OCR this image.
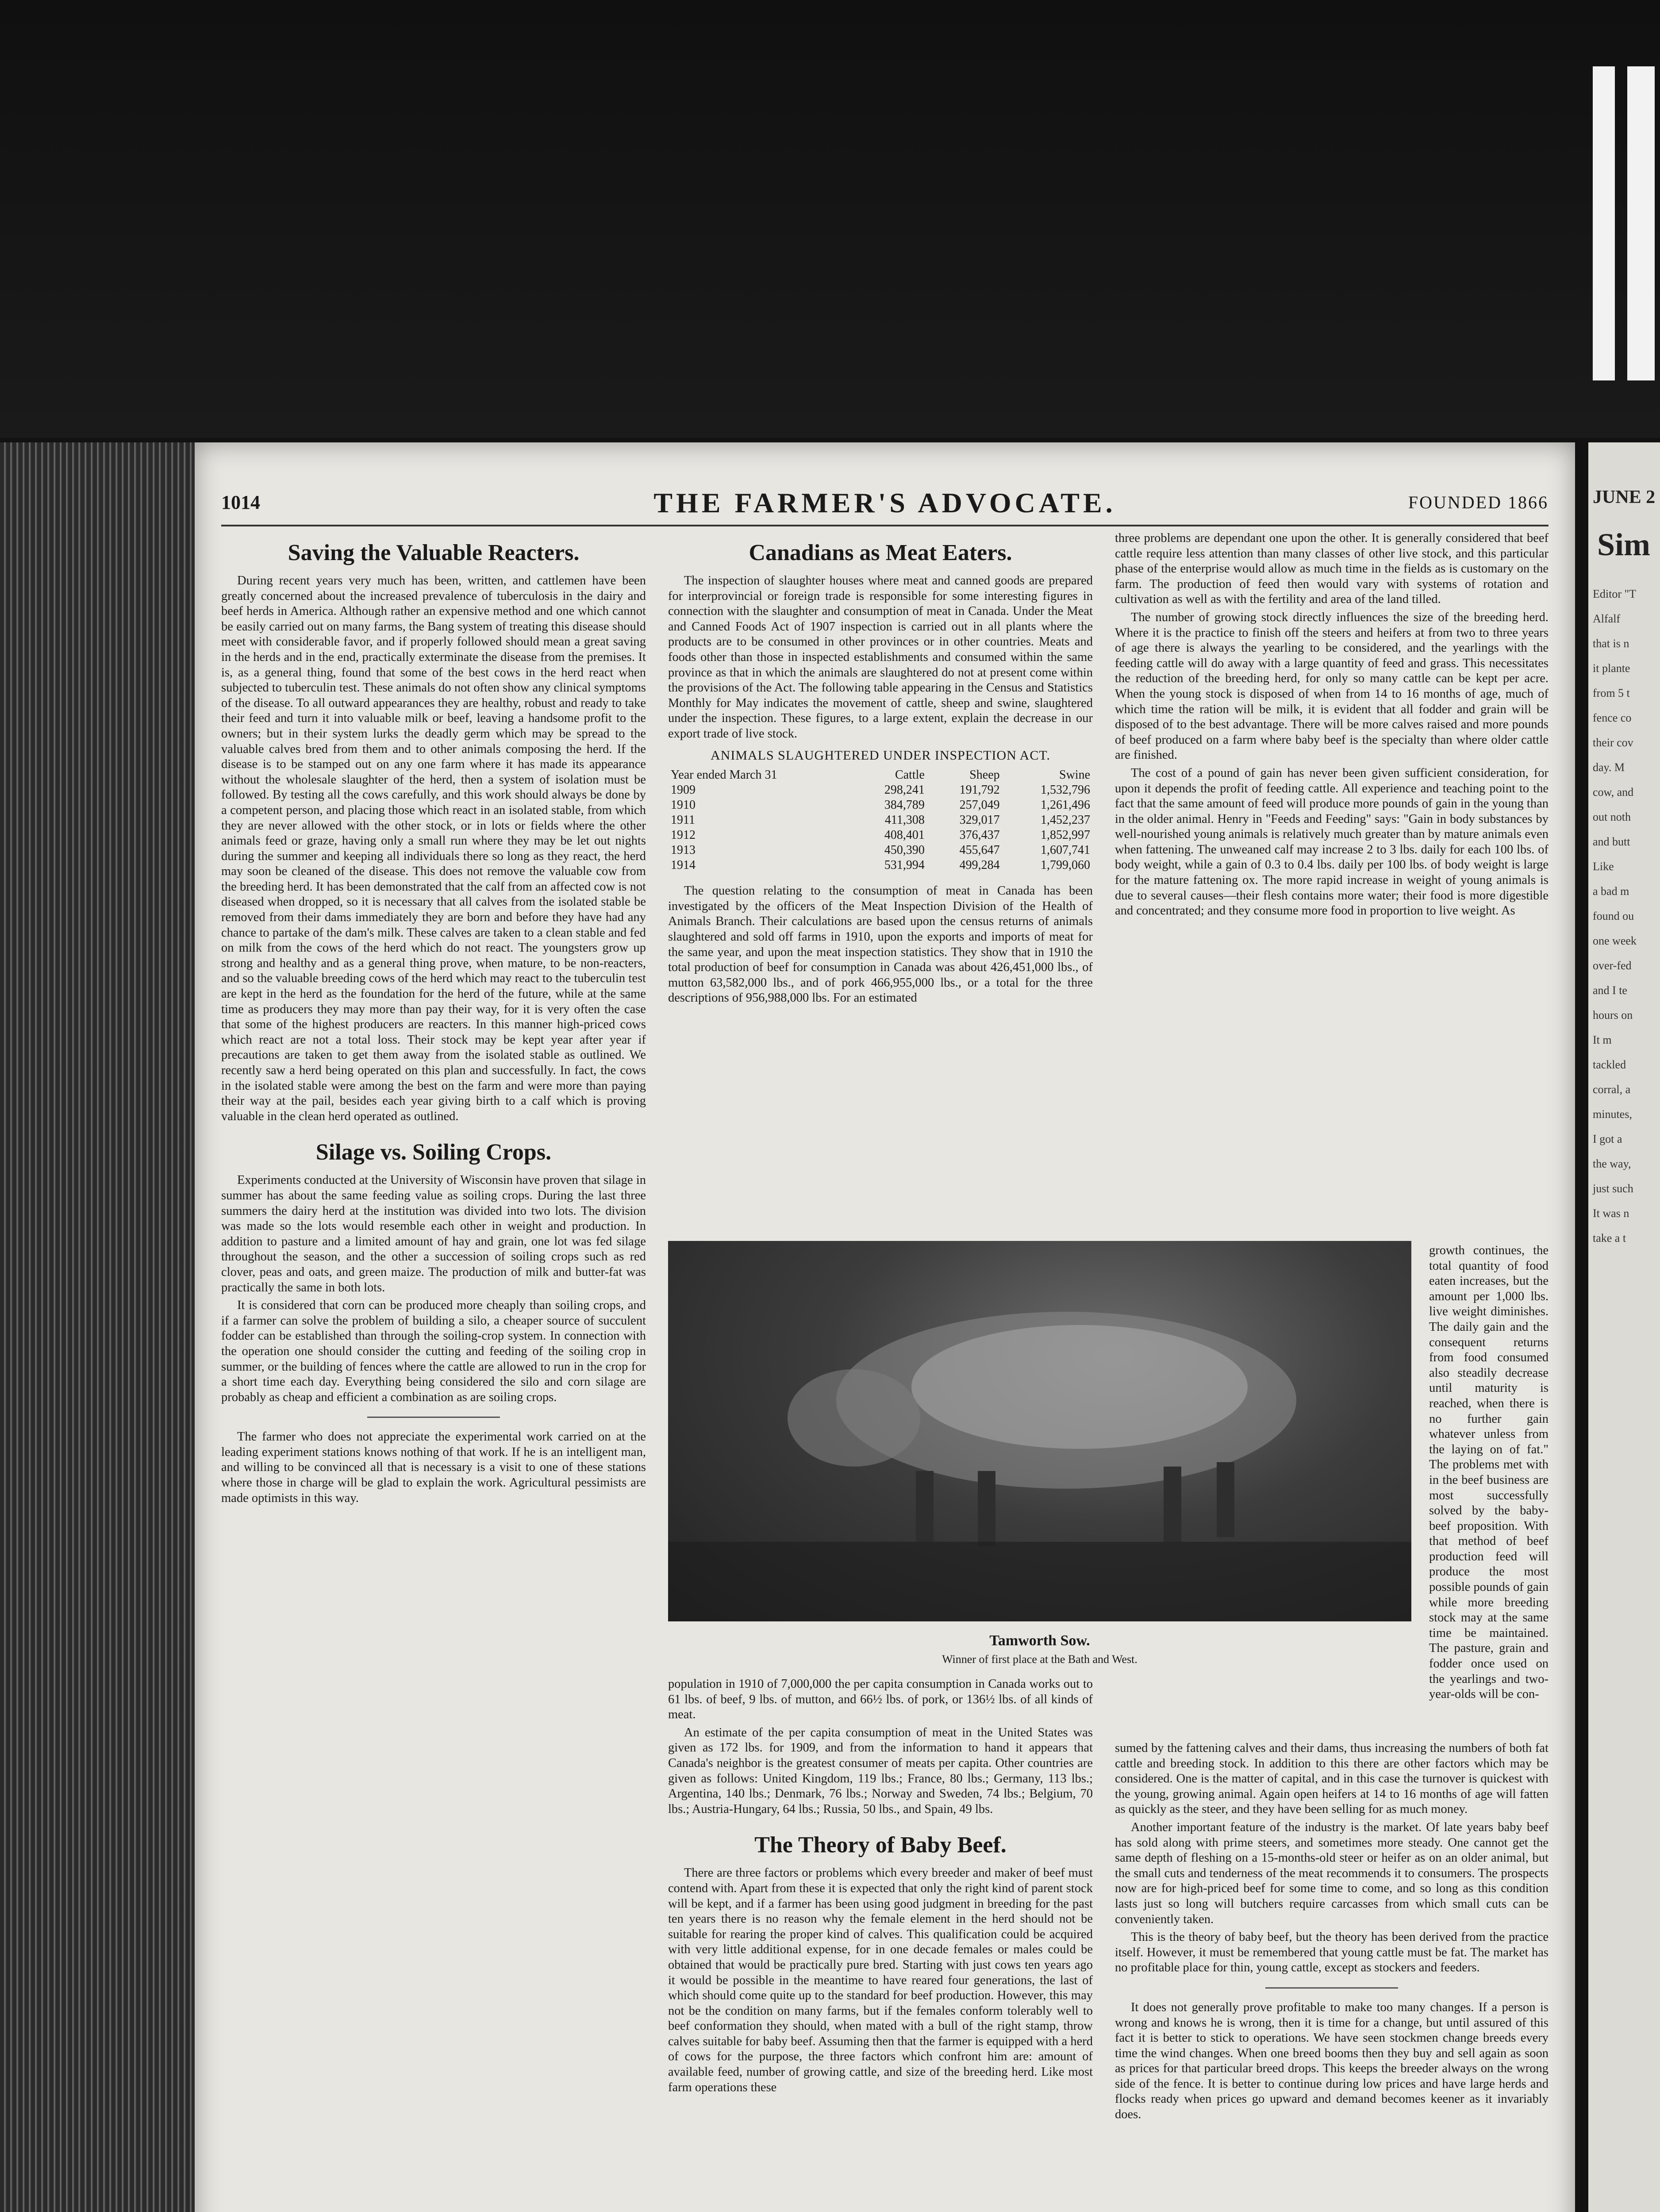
1014	THE FARMER'S ADVOCATE.	FOUNDED 1866
Saving the Valuable Reacters.

During recent years very much has been, written, and cattlemen have been greatly concerned about the increased prevalence of tuberculosis in the dairy and beef herds in America. Although rather an expensive method and one which cannot be easily carried out on many farms, the Bang system of treating this disease should meet with considerable favor, and if properly followed should mean a great saving in the herds and in the end, practically exterminate the disease from the premises. It is, as a general thing, found that some of the best cows in the herd react when subjected to tuberculin test. These animals do not often show any clinical symptoms of the disease. To all outward appearances they are healthy, robust and ready to take their feed and turn it into valuable milk or beef, leaving a handsome profit to the owners; but in their system lurks the deadly germ which may be spread to the valuable calves bred from them and to other animals composing the herd. If the disease is to be stamped out on any one farm where it has made its appearance without the wholesale slaughter of the herd, then a system of isolation must be followed. By testing all the cows carefully, and this work should always be done by a competent person, and placing those which react in an isolated stable, from which they are never allowed with the other stock, or in lots or fields where the other animals feed or graze, having only a small run where they may be let out nights during the summer and keeping all individuals there so long as they react, the herd may soon be cleaned of the disease. This does not remove the valuable cow from the breeding herd. It has been demonstrated that the calf from an affected cow is not diseased when dropped, so it is necessary that all calves from the isolated stable be removed from their dams immediately they are born and before they have had any chance to partake of the dam's milk. These calves are taken to a clean stable and fed on milk from the cows of the herd which do not react. The youngsters grow up strong and healthy and as a general thing prove, when mature, to be non-reacters, and so the valuable breeding cows of the herd which may react to the tuberculin test are kept in the herd as the foundation for the herd of the future, while at the same time as producers they may more than pay their way, for it is very often the case that some of the highest producers are reacters. In this manner high-priced cows which react are not a total loss. Their stock may be kept year after year if precautions are taken to get them away from the isolated stable as outlined. We recently saw a herd being operated on this plan and successfully. In fact, the cows in the isolated stable were among the best on the farm and were more than paying their way at the pail, besides each year giving birth to a calf which is proving valuable in the clean herd operated as outlined.

Silage vs. Soiling Crops.

Experiments conducted at the University of Wisconsin have proven that silage in summer has about the same feeding value as soiling crops. During the last three summers the dairy herd at the institution was divided into two lots. The division was made so the lots would resemble each other in weight and production. In addition to pasture and a limited amount of hay and grain, one lot was fed silage throughout the season, and the other a succession of soiling crops such as red clover, peas and oats, and green maize. The production of milk and butter-fat was practically the same in both lots.

It is considered that corn can be produced more cheaply than soiling crops, and if a farmer can solve the problem of building a silo, a cheaper source of succulent fodder can be established than through the soiling-crop system. In connection with the operation one should consider the cutting and feeding of the soiling crop in summer, or the building of fences where the cattle are allowed to run in the crop for a short time each day. Everything being considered the silo and corn silage are probably as cheap and efficient a combination as are soiling crops.

The farmer who does not appreciate the experimental work carried on at the leading experiment stations knows nothing of that work. If he is an intelligent man, and willing to be convinced all that is necessary is a visit to one of these stations where those in charge will be glad to explain the work. Agricultural pessimists are made optimists in this way.

Canadians as Meat Eaters.

The inspection of slaughter houses where meat and canned goods are prepared for interprovincial or foreign trade is responsible for some interesting figures in connection with the slaughter and consumption of meat in Canada. Under the Meat and Canned Foods Act of 1907 inspection is carried out in all plants where the products are to be consumed in other provinces or in other countries. Meats and foods other than those in inspected establishments and consumed within the same province as that in which the animals are slaughtered do not at present come within the provisions of the Act. The following table appearing in the Census and Statistics Monthly for May indicates the movement of cattle, sheep and swine, slaughtered under the inspection. These figures, to a large extent, explain the decrease in our export trade of live stock.

ANIMALS SLAUGHTERED UNDER INSPECTION ACT.
Year ended March 31	Cattle	Sheep	Swine
1909	298,241	191,792	1,532,796
1910	384,789	257,049	1,261,496
1911	411,308	329,017	1,452,237
1912	408,401	376,437	1,852,997
1913	450,390	455,647	1,607,741
1914	531,994	499,284	1,799,060

The question relating to the consumption of meat in Canada has been investigated by the officers of the Meat Inspection Division of the Health of Animals Branch. Their calculations are based upon the census returns of animals slaughtered and sold off farms in 1910, upon the exports and imports of meat for the same year, and upon the meat inspection statistics. They show that in 1910 the total production of beef for consumption in Canada was about 426,451,000 lbs., of mutton 63,582,000 lbs., and of pork 466,955,000 lbs., or a total for the three descriptions of 956,988,000 lbs. For an estimated

population in 1910 of 7,000,000 the per capita consumption in Canada works out to 61 lbs. of beef, 9 lbs. of mutton, and 66½ lbs. of pork, or 136½ lbs. of all kinds of meat.

An estimate of the per capita consumption of meat in the United States was given as 172 lbs. for 1909, and from the information to hand it appears that Canada's neighbor is the greatest consumer of meats per capita. Other countries are given as follows: United Kingdom, 119 lbs.; France, 80 lbs.; Germany, 113 lbs.; Argentina, 140 lbs.; Denmark, 76 lbs.; Norway and Sweden, 74 lbs.; Belgium, 70 lbs.; Austria-Hungary, 64 lbs.; Russia, 50 lbs., and Spain, 49 lbs.

The Theory of Baby Beef.

There are three factors or problems which every breeder and maker of beef must contend with. Apart from these it is expected that only the right kind of parent stock will be kept, and if a farmer has been using good judgment in breeding for the past ten years there is no reason why the female element in the herd should not be suitable for rearing the proper kind of calves. This qualification could be acquired with very little additional expense, for in one decade females or males could be obtained that would be practically pure bred. Starting with just cows ten years ago it would be possible in the meantime to have reared four generations, the last of which should come quite up to the standard for beef production. However, this may not be the condition on many farms, but if the females conform tolerably well to beef conformation they should, when mated with a bull of the right stamp, throw calves suitable for baby beef. Assuming then that the farmer is equipped with a herd of cows for the purpose, the three factors which confront him are: amount of available feed, number of growing cattle, and size of the breeding herd. Like most farm operations these

three problems are dependant one upon the other. It is generally considered that beef cattle require less attention than many classes of other live stock, and this particular phase of the enterprise would allow as much time in the fields as is customary on the farm. The production of feed then would vary with systems of rotation and cultivation as well as with the fertility and area of the land tilled.

The number of growing stock directly influences the size of the breeding herd. Where it is the practice to finish off the steers and heifers at from two to three years of age there is always the yearling to be considered, and the yearlings with the feeding cattle will do away with a large quantity of feed and grass. This necessitates the reduction of the breeding herd, for only so many cattle can be kept per acre. When the young stock is disposed of when from 14 to 16 months of age, much of which time the ration will be milk, it is evident that all fodder and grain will be disposed of to the best advantage. There will be more calves raised and more pounds of beef produced on a farm where baby beef is the specialty than where older cattle are finished.

The cost of a pound of gain has never been given sufficient consideration, for upon it depends the profit of feeding cattle. All experience and teaching point to the fact that the same amount of feed will produce more pounds of gain in the young than in the older animal. Henry in "Feeds and Feeding" says: "Gain in body substances by well-nourished young animals is relatively much greater than by mature animals even when fattening. The unweaned calf may increase 2 to 3 lbs. daily for each 100 lbs. of body weight, while a gain of 0.3 to 0.4 lbs. daily per 100 lbs. of body weight is large for the mature fattening ox. The more rapid increase in weight of young animals is due to several causes—their flesh contains more water; their food is more digestible and concentrated; and they consume more food in proportion to live weight. As

Tamworth Sow.
Winner of first place at the Bath and West.
growth continues, the total quantity of food eaten increases, but the amount per 1,000 lbs. live weight diminishes. The daily gain and the consequent returns from food consumed also steadily decrease until maturity is reached, when there is no further gain whatever unless from the laying on of fat." The problems met with in the beef business are most successfully solved by the baby-beef proposition. With that method of beef production feed will produce the most possible pounds of gain while more breeding stock may at the same time be maintained. The pasture, grain and fodder once used on the yearlings and two-year-olds will be con-

sumed by the fattening calves and their dams, thus increasing the numbers of both fat cattle and breeding stock. In addition to this there are other factors which may be considered. One is the matter of capital, and in this case the turnover is quickest with the young, growing animal. Again open heifers at 14 to 16 months of age will fatten as quickly as the steer, and they have been selling for as much money.

Another important feature of the industry is the market. Of late years baby beef has sold along with prime steers, and sometimes more steady. One cannot get the same depth of fleshing on a 15-months-old steer or heifer as on an older animal, but the small cuts and tenderness of the meat recommends it to consumers. The prospects now are for high-priced beef for some time to come, and so long as this condition lasts just so long will butchers require carcasses from which small cuts can be conveniently taken.

This is the theory of baby beef, but the theory has been derived from the practice itself. However, it must be remembered that young cattle must be fat. The market has no profitable place for thin, young cattle, except as stockers and feeders.

It does not generally prove profitable to make too many changes. If a person is wrong and knows he is wrong, then it is time for a change, but until assured of this fact it is better to stick to operations. We have seen stockmen change breeds every time the wind changes. When one breed booms then they buy and sell again as soon as prices for that particular breed drops. This keeps the breeder always on the wrong side of the fence. It is better to continue during low prices and have large herds and flocks ready when prices go upward and demand becomes keener as it invariably does.

JUNE 2
Sim
Editor "T
Alfalf
that is n
it plante
from 5 t
fence co
their cov
day. M
cow, and
out noth
and butt
Like
a bad m
found ou
one week
over-fed
and I te
hours on
It m
tackled
corral, a
minutes,
I got a
the way,
just such
It was n
take a t
